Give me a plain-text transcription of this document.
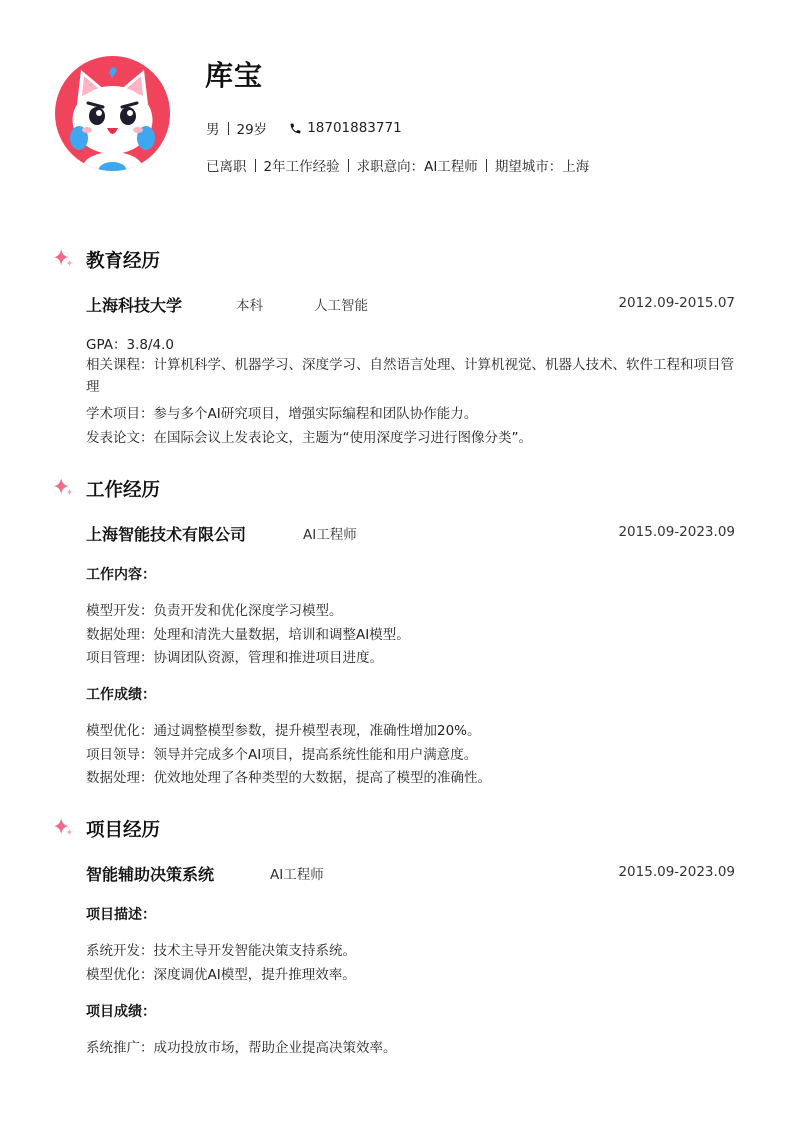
库宝
男 29岁	18701883771
已离职 2年工作经验 求职意向：AI工程师 期望城市：上海
教育经历
上海科技大学	本科	人工智能	2012.09-2015.07
GPA：3.8/4.0
相关课程：计算机科学、机器学习、深度学习、自然语言处理、计算机视觉、机器人技术、软件工程和项目管理
学术项目：参与多个AI研究项目，增强实际编程和团队协作能力。
发表论文：在国际会议上发表论文，主题为“使用深度学习进行图像分类”。
工作经历
上海智能技术有限公司	AI工程师	2015.09-2023.09
工作内容：
模型开发：负责开发和优化深度学习模型。
数据处理：处理和清洗大量数据，培训和调整AI模型。
项目管理：协调团队资源，管理和推进项目进度。
工作成绩：
模型优化：通过调整模型参数，提升模型表现，准确性增加20%。
项目领导：领导并完成多个AI项目，提高系统性能和用户满意度。
数据处理：优效地处理了各种类型的大数据，提高了模型的准确性。
项目经历
智能辅助决策系统	AI工程师	2015.09-2023.09
项目描述：
系统开发：技术主导开发智能决策支持系统。
模型优化：深度调优AI模型，提升推理效率。
项目成绩：
系统推广：成功投放市场，帮助企业提高决策效率。
